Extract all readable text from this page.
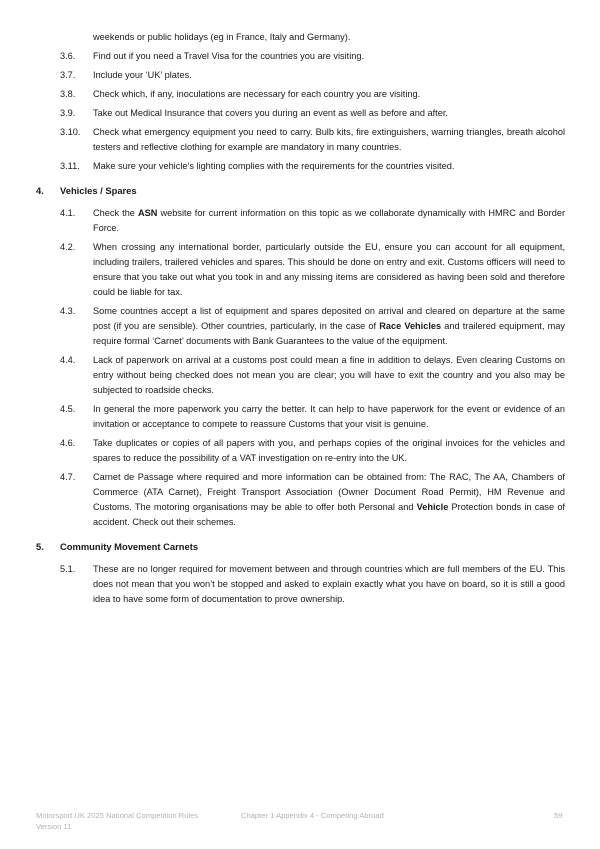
weekends or public holidays (eg in France, Italy and Germany).
3.6. Find out if you need a Travel Visa for the countries you are visiting.
3.7. Include your ‘UK’ plates.
3.8. Check which, if any, inoculations are necessary for each country you are visiting.
3.9. Take out Medical Insurance that covers you during an event as well as before and after.
3.10. Check what emergency equipment you need to carry. Bulb kits, fire extinguishers, warning triangles, breath alcohol testers and reflective clothing for example are mandatory in many countries.
3.11. Make sure your vehicle’s lighting complies with the requirements for the countries visited.
4. Vehicles / Spares
4.1. Check the ASN website for current information on this topic as we collaborate dynamically with HMRC and Border Force.
4.2. When crossing any international border, particularly outside the EU, ensure you can account for all equipment, including trailers, trailered vehicles and spares. This should be done on entry and exit. Customs officers will need to ensure that you take out what you took in and any missing items are considered as having been sold and therefore could be liable for tax.
4.3. Some countries accept a list of equipment and spares deposited on arrival and cleared on departure at the same post (if you are sensible). Other countries, particularly, in the case of Race Vehicles and trailered equipment, may require formal ‘Carnet’ documents with Bank Guarantees to the value of the equipment.
4.4. Lack of paperwork on arrival at a customs post could mean a fine in addition to delays. Even clearing Customs on entry without being checked does not mean you are clear; you will have to exit the country and you also may be subjected to roadside checks.
4.5. In general the more paperwork you carry the better. It can help to have paperwork for the event or evidence of an invitation or acceptance to compete to reassure Customs that your visit is genuine.
4.6. Take duplicates or copies of all papers with you, and perhaps copies of the original invoices for the vehicles and spares to reduce the possibility of a VAT investigation on re-entry into the UK.
4.7. Carnet de Passage where required and more information can be obtained from: The RAC, The AA, Chambers of Commerce (ATA Carnet), Freight Transport Association (Owner Document Road Permit), HM Revenue and Customs. The motoring organisations may be able to offer both Personal and Vehicle Protection bonds in case of accident. Check out their schemes.
5. Community Movement Carnets
5.1. These are no longer required for movement between and through countries which are full members of the EU. This does not mean that you won’t be stopped and asked to explain exactly what you have on board, so it is still a good idea to have some form of documentation to prove ownership.
Motorsport UK 2025 National Competition Rules	Chapter 1 Appendix 4 - Competing Abroad	59
Version 11
